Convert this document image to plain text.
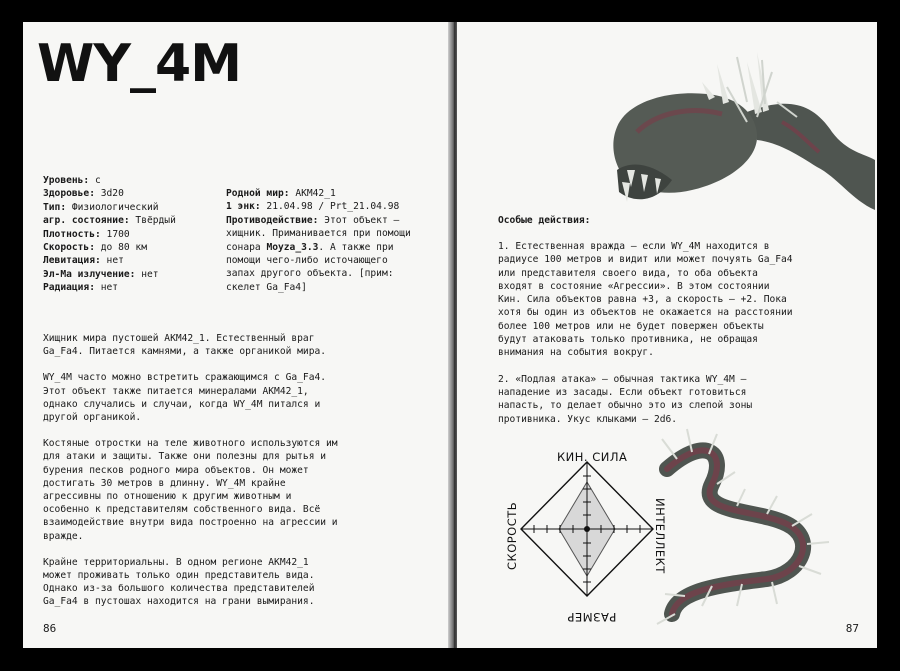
WY_4M
Уровень: с
Здоровье: 3d20
Тип: Физиологический
агр. состояние: Твёрдый
Плотность: 1700
Скорость: до 80 км
Левитация: нет
Эл-Ма излучение: нет
Радиация: нет
Родной мир: AKM42_1
1 энк: 21.04.98 / Prt_21.04.98
Противодействие: Этот объект —
хищник. Приманивается при помощи
сонара Moyza_3.3. А также при
помощи чего-либо источающего
запах другого объекта. [прим:
скелет Ga_Fa4]

Хищник мира пустошей AKM42_1. Естественный враг Ga_Fa4. Питается камнями, а также органикой мира.

WY_4M часто можно встретить сражающимся с Ga_Fa4. Этот объект также питается минералами AKM42_1, однако случались и случаи, когда WY_4M питался и другой органикой.

Костяные отростки на теле животного используются им для атаки и защиты. Также они полезны для рытья и бурения песков родного мира объектов. Он может достигать 30 метров в длинну. WY_4M крайне агрессивны по отношению к другим животным и особенно к представителям собственного вида. Всё взаимодействие внутри вида построенно на агрессии и вражде.

Крайне территориальны. В одном регионе AKM42_1 может проживать только один представитель вида. Однако из-за большого количества представителей Ga_Fa4 в пустошах находится на грани вымирания.

86
Особые действия:

1. Естественная вражда — если WY_4M находится в радиусе 100 метров и видит или может почуять Ga_Fa4 или представителя своего вида, то оба объекта входят в состояние «Агрессии». В этом состоянии Кин. Сила объектов равна +3, а скорость — +2. Пока хотя бы один из объектов не окажается на расстоянии более 100 метров или не будет повержен объекты будут атаковать только противника, не обращая внимания на события вокруг.

2. «Подлая атака» — обычная тактика WY_4M — нападение из засады. Если объект готовиться напасть, то делает обычно это из слепой зоны противника. Укус клыками — 2d6.

КИН. СИЛА
ИНТЕЛЛЕКТ
РАЗМЕР
СКОРОСТЬ
87
